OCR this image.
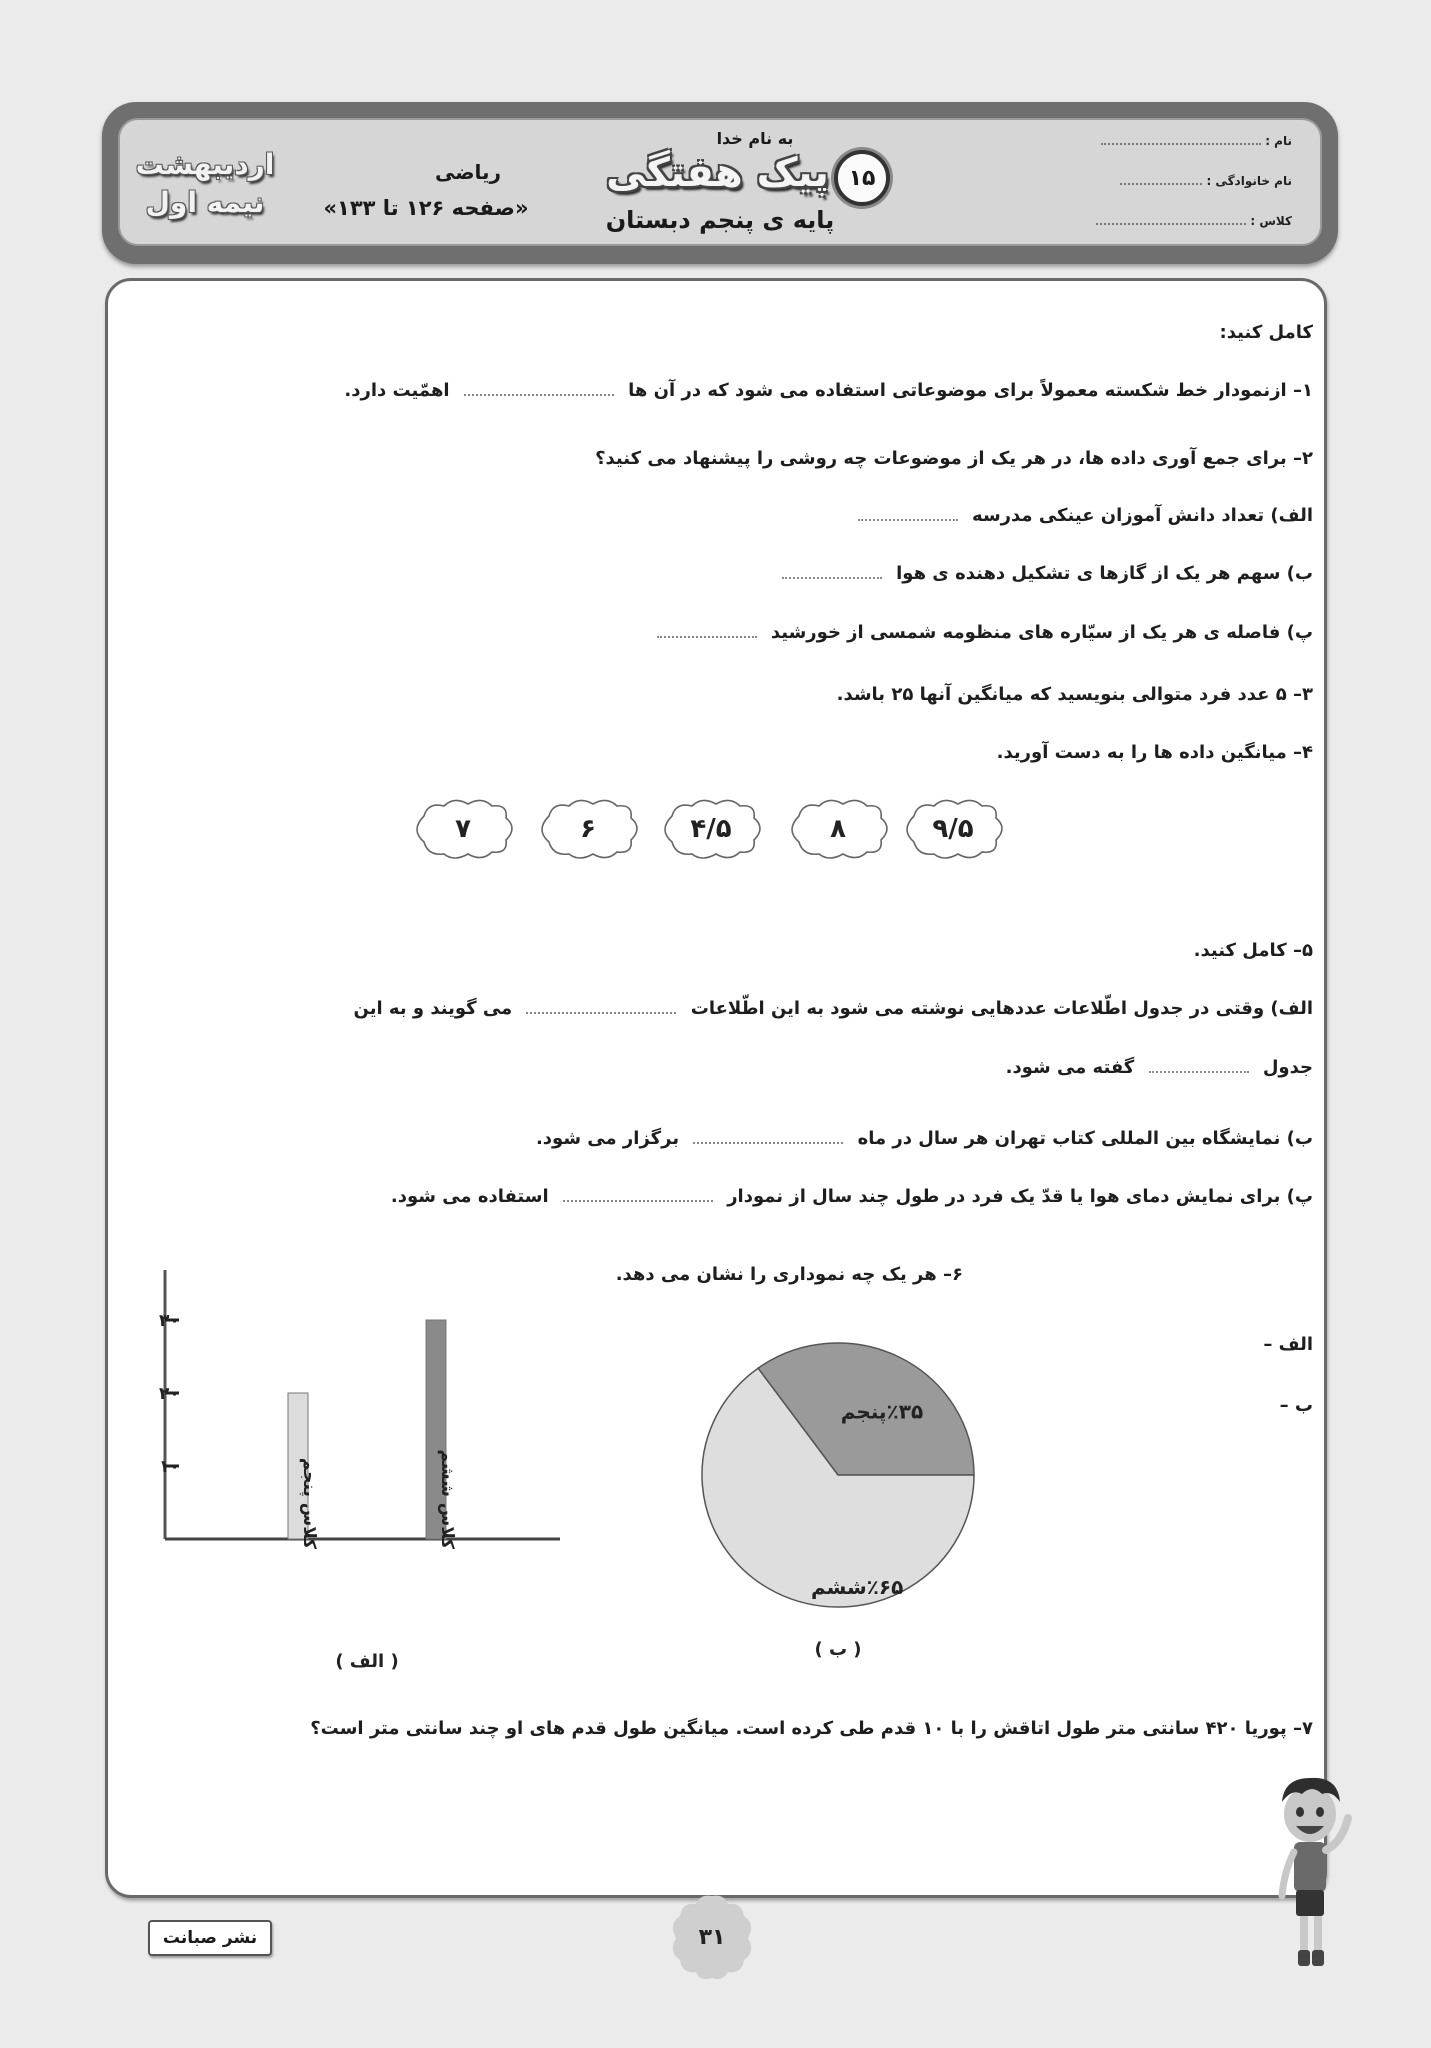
نام :
نام خانوادگی :
کلاس :
به نام خدا
۱۵
پیک هفتگی
پایه ی پنجم دبستان
ریاضی
«صفحه ۱۲۶ تا ۱۳۳»
اردیبهشت
نیمه اول
کامل کنید:
۱– ازنمودار خط شکسته معمولاً برای موضوعاتی استفاده می شود که در آن ها  اهمّیت دارد.
۲– برای جمع آوری داده ها، در هر یک از موضوعات چه روشی را پیشنهاد می کنید؟
الف) تعداد دانش آموزان عینکی مدرسه
ب) سهم هر یک از گازها ی تشکیل دهنده ی هوا
پ) فاصله ی هر یک از سیّاره های منظومه شمسی از خورشید
۳– ۵ عدد فرد متوالی بنویسید که میانگین آنها ۲۵ باشد.
۴– میانگین داده ها را به دست آورید.
۹/۵
۸
۴/۵
۶
۷
۵– کامل کنید.
الف) وقتی در جدول اطّلاعات عددهایی نوشته می شود به این اطّلاعات  می گویند و به این
جدول  گفته می شود.
ب) نمایشگاه بین المللی کتاب تهران هر سال در ماه  برگزار می شود.
پ) برای نمایش دمای هوا یا قدّ یک فرد در طول چند سال از نمودار  استفاده می شود.
۶– هر یک چه نموداری را نشان می دهد.
الف –
ب –
۱۰
۲۰
۳۰
کلاس پنجم	کلاس ششم
( الف )
٪۳۵پنجم
٪۶۵ششم
( ب )
۷– پوریا ۴۲۰ سانتی متر طول اتاقش را با ۱۰ قدم طی کرده است. میانگین طول قدم های او چند سانتی متر است؟
نشر صبانت	۳۱
